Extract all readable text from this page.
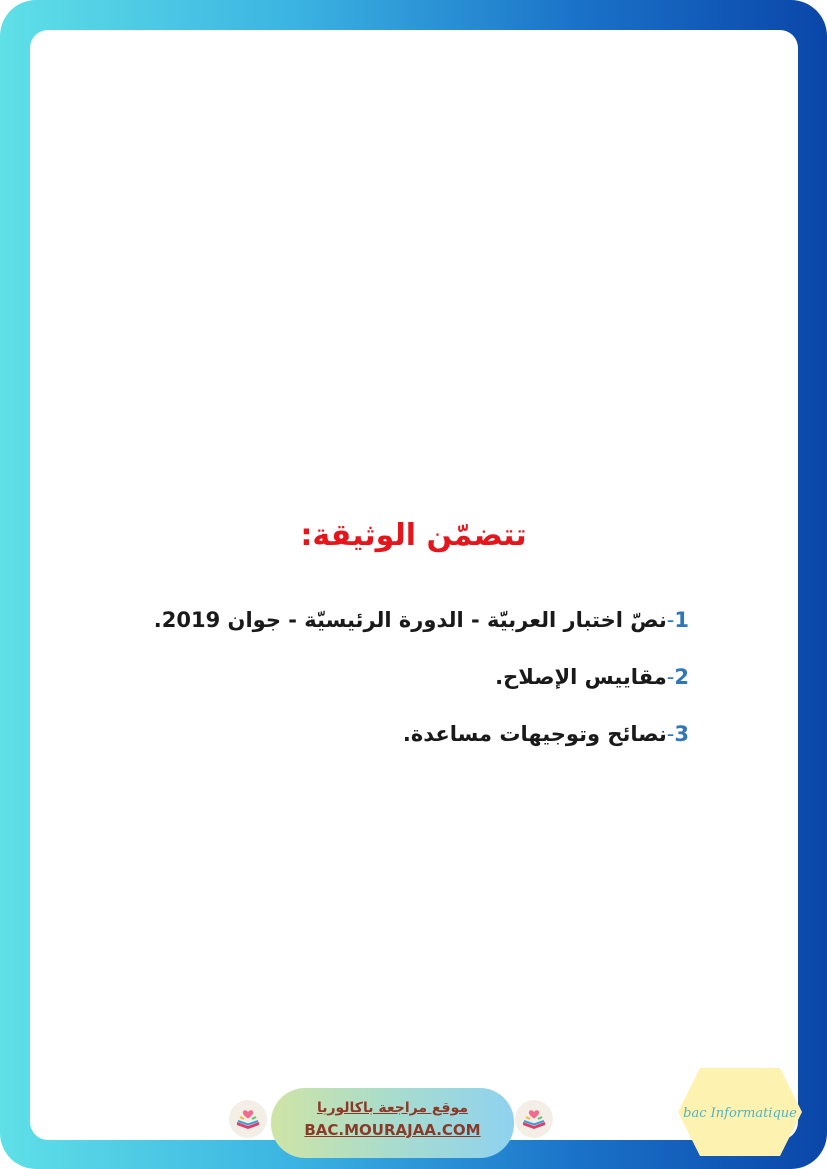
تتضمّن الوثيقة:
1-نصّ اختبار العربيّة - الدورة الرئيسيّة - جوان 2019.
2-مقاييس الإصلاح.
3-نصائح وتوجيهات مساعدة.
موقع مراجعة باكالوريا
BAC.MOURAJAA.COM
bac Informatique
